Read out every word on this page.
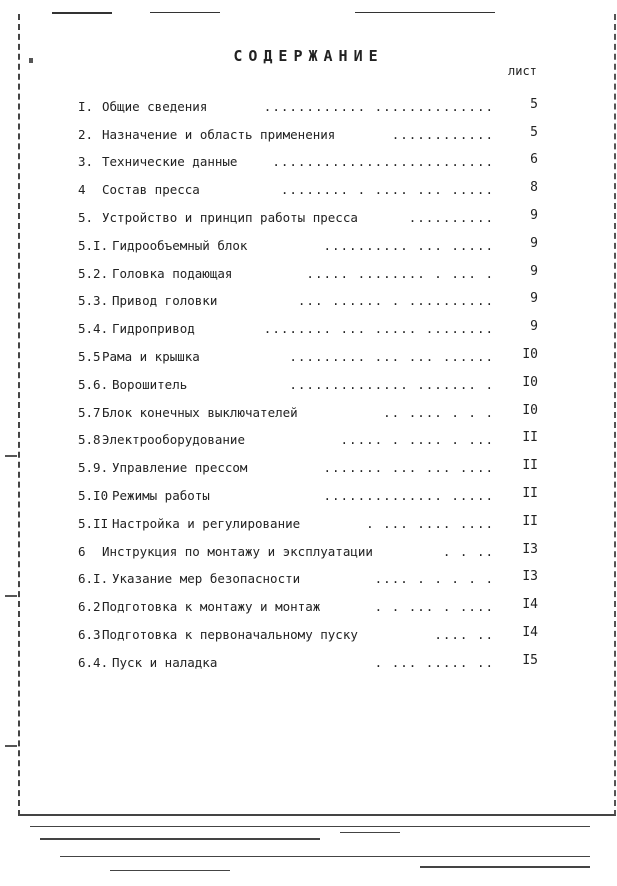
СОДЕРЖАНИЕ
лист
I. Общие сведения	............ ..............	5
2. Назначение и область применения	............	5
3. Технические данные	..........................	6
4 Состав пресса	........ . .... ... .....	8
5. Устройство и принцип работы пресса	..........	9
5.I. Гидрообъемный блок	.......... ... .....	9
5.2. Головка подающая	..... ........ . ... .	9
5.3. Привод головки	... ...... . ..........	9
5.4. Гидропривод	........ ... ..... ........	9
5.5 Рама и крышка	......... ... ... ...... I0
5.6. Ворошитель	.............. ....... . I0
5.7 Блок конечных выключателей	.. .... . . . I0
5.8 Электрооборудование	..... . .... . ... II
5.9. Управление прессом	....... ... ... .... II
5.I0 Режимы работы	.............. ..... II
5.II Настройка и регулирование	. ... .... .... II
6 Инструкция по монтажу и эксплуатации	. . .. I3
6.I. Указание мер безопасности	.... . . . . . I3
6.2 Подготовка к монтажу и монтаж	. . ... . .... I4
6.3 Подготовка к первоначальному пуску	.... .. I4
6.4. Пуск и наладка	. ... ..... .. I5
